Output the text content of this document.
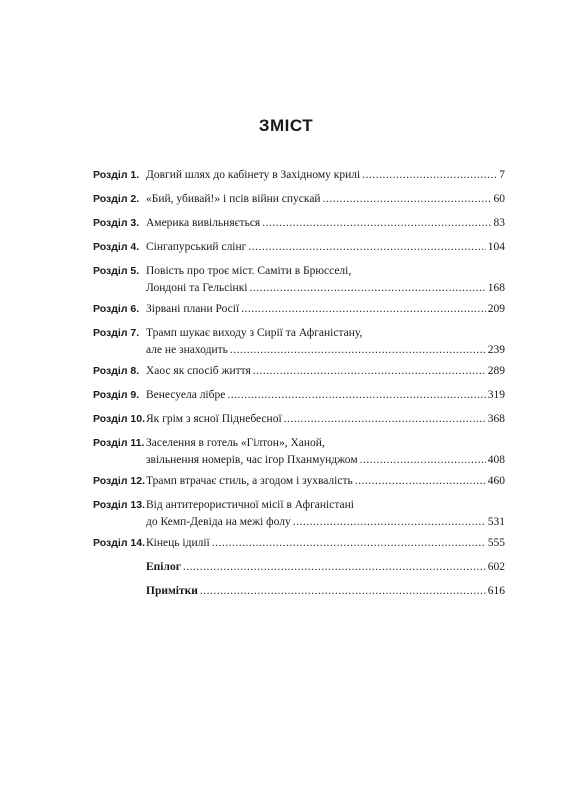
ЗМІСТ
Розділ 1. Довгий шлях до кабінету в Західному крилі .....	7
Розділ 2. «Бий, убивай!» і псів війни спускай .....	60
Розділ 3. Америка вивільняється .....	83
Розділ 4. Сінгапурський слінг .....	104
Розділ 5. Повість про троє міст. Саміти в Брюсселі,
Лондоні та Гельсінкі .....	168
Розділ 6. Зірвані плани Росії .....	209
Розділ 7. Трамп шукає виходу з Сирії та Афганістану,
але не знаходить .....	239
Розділ 8. Хаос як спосіб життя .....	289
Розділ 9. Венесуела лібре .....	319
Розділ 10. Як грім з ясної Піднебесної .....	368
Розділ 11. Заселення в готель «Гілтон», Ханой,
звільнення номерів, час ігор Пханмунджом .....	408
Розділ 12. Трамп втрачає стиль, а згодом і зухвалість .....	460
Розділ 13. Від антитерористичної місії в Афганістані
до Кемп-Девіда на межі фолу .....	531
Розділ 14. Кінець ідилії .....	555
Епілог .....	602
Примітки .....	616
